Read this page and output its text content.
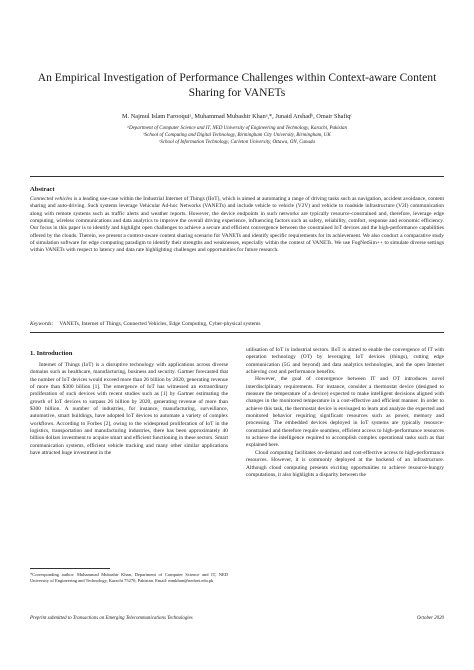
An Empirical Investigation of Performance Challenges within Context-aware Content Sharing for VANETs
M. Najmul Islam Farooquiᵃ, Muhammad Mubashir Khanᵃ,*, Junaid Arshadᵇ, Omair Shafiqᶜ
ᵃDepartment of Computer Science and IT, NED University of Engineering and Technology, Karachi, Pakistan
ᵇSchool of Computing and Digital Technology, Birmingham City University, Birmingham, UK
ᶜSchool of Information Technology, Carleton University, Ottawa, ON, Canada
Abstract
Connected vehicles is a leading use-case within the Industrial Internet of Things (IIoT), which is aimed at automating a range of driving tasks such as navigation, accident avoidance, content sharing and auto-driving. Such systems leverage Vehicular Ad-hoc Networks (VANETs) and include vehicle to vehicle (V2V) and vehicle to roadside infrastructure (V2I) communication along with remote systems such as traffic alerts and weather reports. However, the device endpoints in such networks are typically resource-constrained and, therefore, leverage edge computing, wireless communications and data analytics to improve the overall driving experience, influencing factors such as safety, reliability, comfort, response and economic efficiency. Our focus in this paper is to identify and highlight open challenges to achieve a secure and efficient convergence between the constrained IoT devices and the high-performance capabilities offered by the clouds. Therein, we present a context-aware content sharing scenario for VANETs and identify specific requirements for its achievement. We also conduct a comparative study of simulation software for edge computing paradigm to identify their strengths and weaknesses, especially within the context of VANETs. We use FogNetSim++ to simulate diverse settings within VANETs with respect to latency and data rate highlighting challenges and opportunities for future research.
Keywords: VANETs, Internet of Things, Connected Vehicles, Edge Computing, Cyber-physical systems
1. Introduction

Internet of Things (IoT) is a disruptive technology with applications across diverse domains such as healthcare, manufacturing, business and security. Gartner forecasted that the number of IoT devices would exceed more than 26 billion by 2020, generating revenue of more than $300 billion [1]. The emergence of IoT has witnessed an extraordinary proliferation of such devices with recent studies such as [1] by Gartner estimating the growth of IoT devices to surpass 26 billion by 2020, generating revenue of more than $300 billion. A number of industries, for instance, manufacturing, surveillance, automotive, smart buildings, have adopted IoT devices to automate a variety of complex workflows. According to Forbes [2], owing to the widespread proliferation of IoT in the logistics, transportation and manufacturing industries, there has been approximately 40 billion dollars investment to acquire smart and efficient functioning in these sectors. Smart communication systems, efficient vehicle tracking and many other similar applications have attracted huge investment in the

utilisation of IoT in industrial sectors. IIoT is aimed to enable the convergence of IT with operation technology (OT) by leveraging IoT devices (things), cutting edge communication (5G and beyond) and data analytics technologies, and the open Internet achieving cost and performance benefits.

However, the goal of convergence between IT and OT introduces novel interdisciplinary requirements. For instance, consider a thermostat device (designed to measure the temperature of a device) expected to make intelligent decisions aligned with changes in the monitored temperature in a cost-effective and efficient manner. In order to achieve this task, the thermostat device is envisaged to learn and analyze the expected and monitored behavior requiring significant resources such as power, memory and processing. The embedded devices deployed in IoT systems are typically resource-constrained and therefore require seamless, efficient access to high-performance resources to achieve the intelligence required to accomplish complex operational tasks such as that explained here.

Cloud computing facilitates on-demand and cost-effective access to high-performance resources. However, it is commonly deployed at the backend of an infrastructure. Although cloud computing presents exciting opportunities to achieve resource-hungry computations, it also highlights a disparity between the

*Corresponding author: Muhammad Mubashir Khan, Department of Computer Science and IT, NED University of Engineering and Technology, Karachi 75270, Pakistan. Email: mmkhan@neduet.edu.pk
Preprint submitted to Transactions on Emerging Telecommunications Technologies	October 2020
